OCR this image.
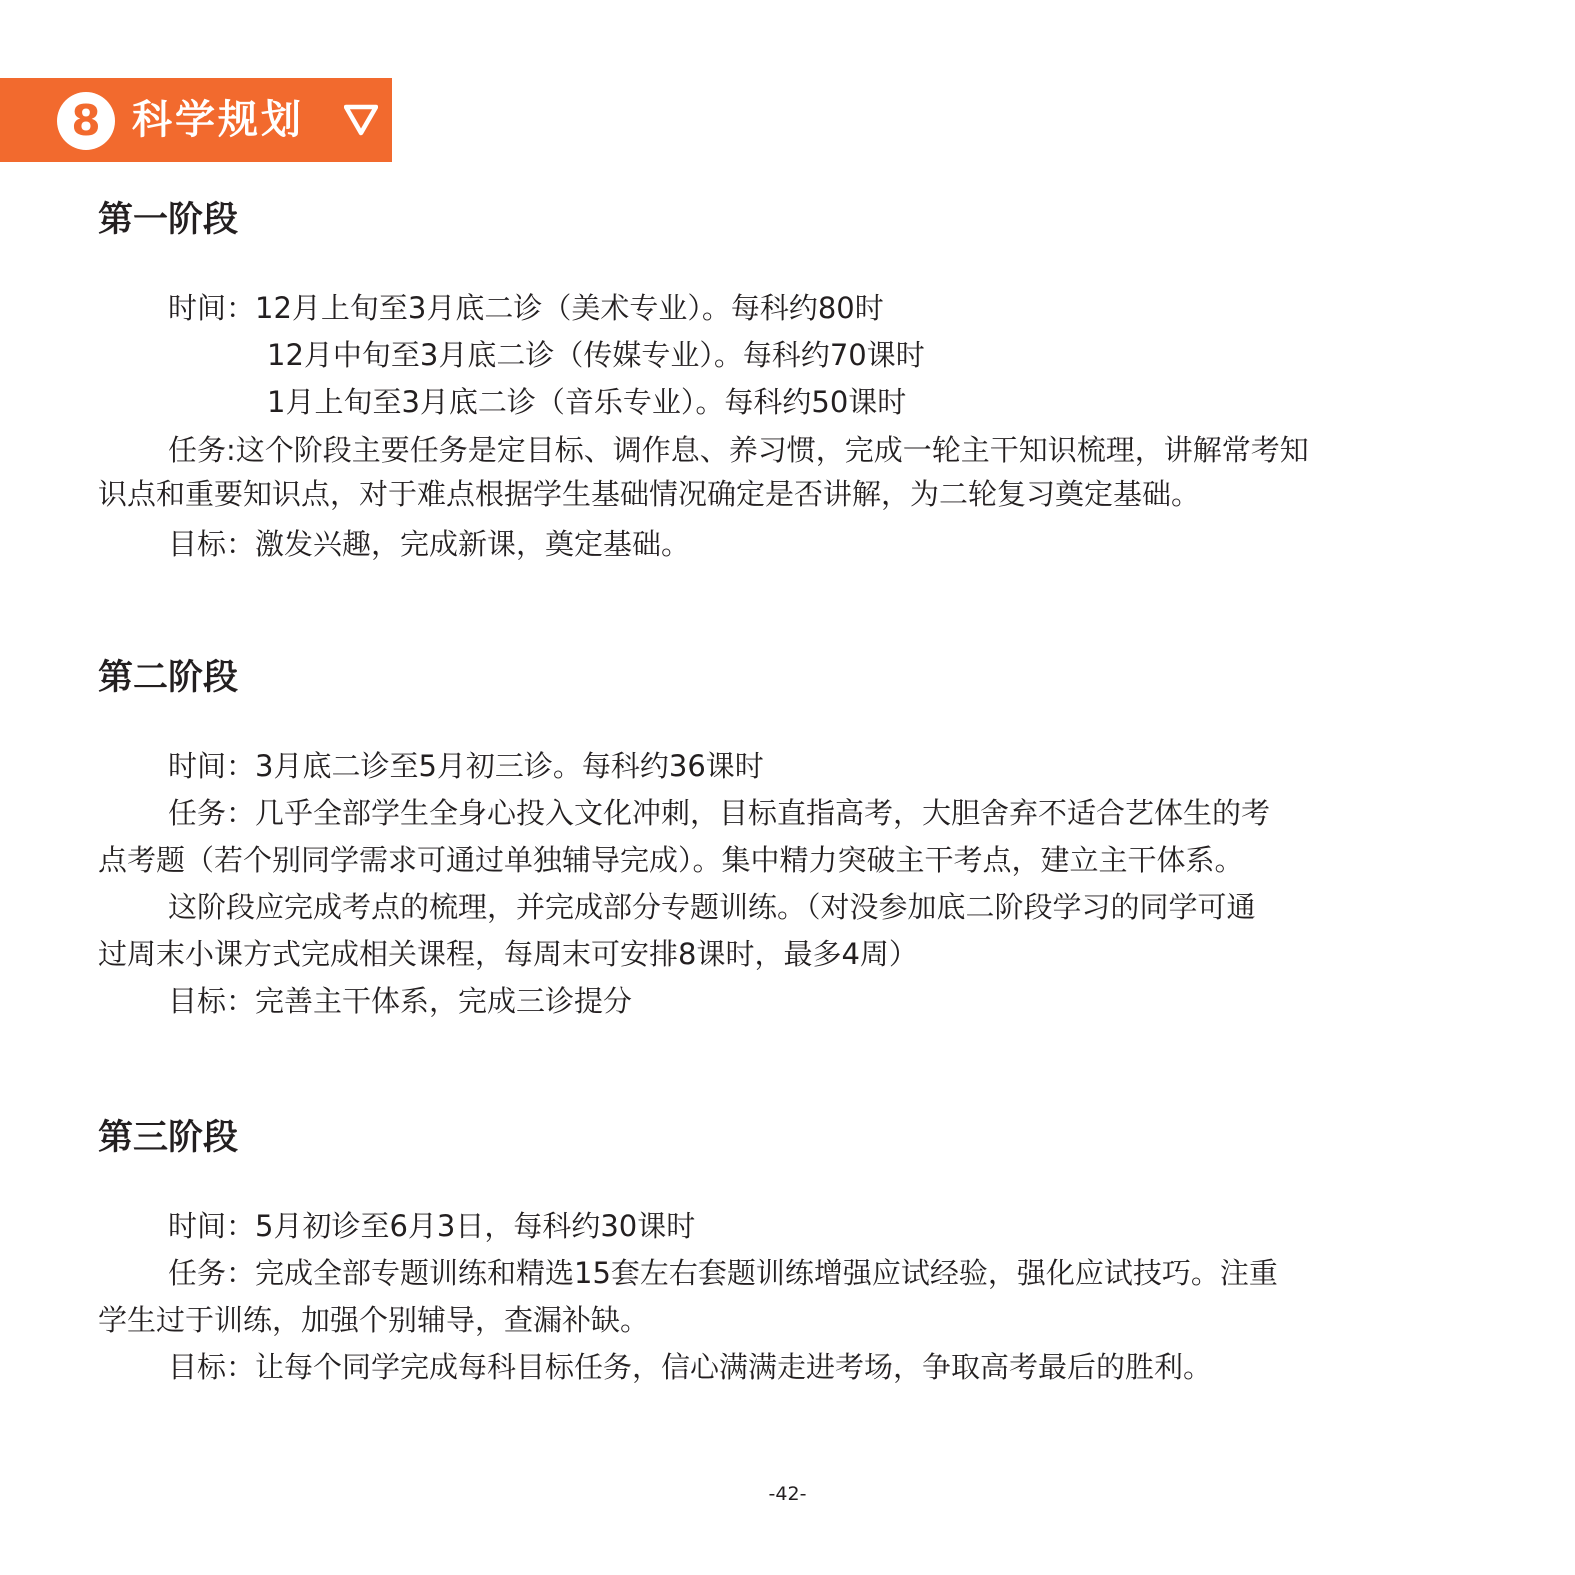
8 科学规划
第一阶段
时间：12月上旬至3月底二诊（美术专业）。每科约80时
12月中旬至3月底二诊（传媒专业）。每科约70课时
1月上旬至3月底二诊（音乐专业）。每科约50课时
任务:这个阶段主要任务是定目标、调作息、养习惯，完成一轮主干知识梳理，讲解常考知
识点和重要知识点，对于难点根据学生基础情况确定是否讲解，为二轮复习奠定基础。
目标：激发兴趣，完成新课，奠定基础。
第二阶段
时间：3月底二诊至5月初三诊。每科约36课时
任务：几乎全部学生全身心投入文化冲刺，目标直指高考，大胆舍弃不适合艺体生的考
点考题（若个别同学需求可通过单独辅导完成）。集中精力突破主干考点，建立主干体系。
这阶段应完成考点的梳理，并完成部分专题训练。（对没参加底二阶段学习的同学可通
过周末小课方式完成相关课程，每周末可安排8课时，最多4周）
目标：完善主干体系，完成三诊提分
第三阶段
时间：5月初诊至6月3日，每科约30课时
任务：完成全部专题训练和精选15套左右套题训练增强应试经验，强化应试技巧。注重
学生过于训练，加强个别辅导，查漏补缺。
目标：让每个同学完成每科目标任务，信心满满走进考场，争取高考最后的胜利。
-42-
